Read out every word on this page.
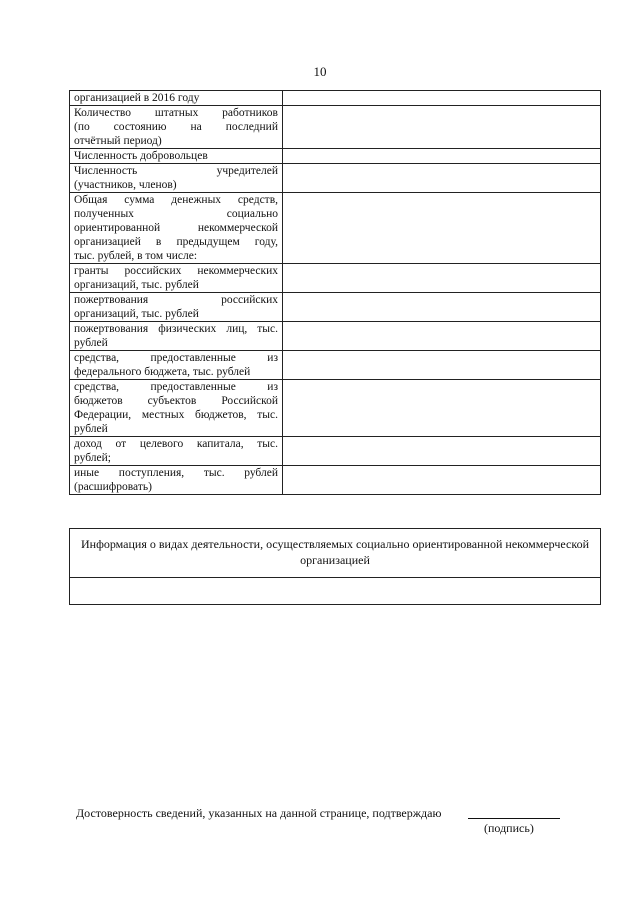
10
организацией в 2016 году	

Количество штатных работников
(по состоянию на последний
отчётный период)	

Численность добровольцев	

Численность учредителей
(участников, членов)	

Общая сумма денежных средств,
полученных социально
ориентированной некоммерческой
организацией в предыдущем году,
тыс. рублей, в том числе:	

гранты российских некоммерческих
организаций, тыс. рублей	

пожертвования российских
организаций, тыс. рублей	

пожертвования физических лиц, тыс.
рублей	

средства, предоставленные из
федерального бюджета, тыс. рублей	

средства, предоставленные из
бюджетов субъектов Российской
Федерации, местных бюджетов, тыс.
рублей	

доход от целевого капитала, тыс.
рублей;	

иные поступления, тыс. рублей
(расшифровать)	

Информация о видах деятельности, осуществляемых социально ориентированной некоммерческой организацией

Достоверность сведений, указанных на данной странице, подтверждаю
(подпись)
